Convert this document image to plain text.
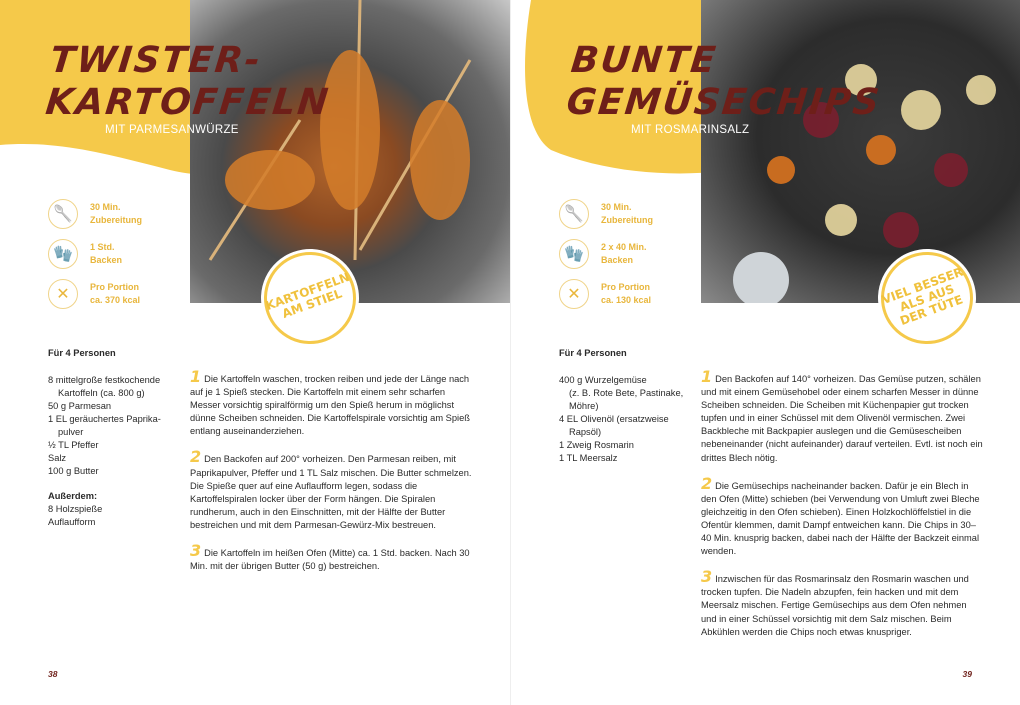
TWISTER-
KARTOFFELN
MIT PARMESANWÜRZE
🥄	30 Min.
Zubereitung
🧤	1 Std.
Backen
✕	Pro Portion
ca. 370 kcal	KARTOFFELN
AM STIEL
Für 4 Personen
8 mittelgroße festkochende
Kartoffeln (ca. 800 g)
50 g Parmesan
1 EL geräuchertes Paprika-
pulver
½ TL Pfeffer
Salz
100 g Butter
Außerdem:
8 Holzspieße
Auflaufform

1 Die Kartoffeln waschen, trocken reiben und jede der Länge nach auf je 1 Spieß stecken. Die Kartoffeln mit einem sehr scharfen Messer vorsichtig spiralförmig um den Spieß herum in möglichst dünne Scheiben schneiden. Die Kartoffelspirale vorsichtig am Spieß entlang auseinanderziehen.

2 Den Backofen auf 200° vorheizen. Den Parmesan reiben, mit Paprikapulver, Pfeffer und 1 TL Salz mischen. Die Butter schmelzen. Die Spieße quer auf eine Auflaufform legen, sodass die Kartoffelspiralen locker über der Form hängen. Die Spiralen rundherum, auch in den Einschnitten, mit der Hälfte der Butter bestreichen und mit dem Parmesan-Gewürz-Mix bestreuen.

3 Die Kartoffeln im heißen Ofen (Mitte) ca. 1 Std. backen. Nach 30 Min. mit der übrigen Butter (50 g) bestreichen.

38
BUNTE
GEMÜSECHIPS
MIT ROSMARINSALZ
🥄	30 Min.
Zubereitung
🧤	2 x 40 Min.
Backen
✕	Pro Portion
ca. 130 kcal	VIEL BESSER
ALS AUS
DER TÜTE
Für 4 Personen
400 g Wurzelgemüse
(z. B. Rote Bete, Pastinake,
Möhre)
4 EL Olivenöl (ersatzweise
Rapsöl)
1 Zweig Rosmarin
1 TL Meersalz

1 Den Backofen auf 140° vorheizen. Das Gemüse putzen, schälen und mit einem Gemüsehobel oder einem scharfen Messer in dünne Scheiben schneiden. Die Scheiben mit Küchenpapier gut trocken tupfen und in einer Schüssel mit dem Olivenöl vermischen. Zwei Backbleche mit Backpapier auslegen und die Gemüsescheiben nebeneinander (nicht aufeinander) darauf verteilen. Evtl. ist noch ein drittes Blech nötig.

2 Die Gemüsechips nacheinander backen. Dafür je ein Blech in den Ofen (Mitte) schieben (bei Verwendung von Umluft zwei Bleche gleichzeitig in den Ofen schieben). Einen Holzkochlöffelstiel in die Ofentür klemmen, damit Dampf entweichen kann. Die Chips in 30–40 Min. knusprig backen, dabei nach der Hälfte der Backzeit einmal wenden.

3 Inzwischen für das Rosmarinsalz den Rosmarin waschen und trocken tupfen. Die Nadeln abzupfen, fein hacken und mit dem Meersalz mischen. Fertige Gemüsechips aus dem Ofen nehmen und in einer Schüssel vorsichtig mit dem Salz mischen. Beim Abkühlen werden die Chips noch etwas knuspriger.

39
